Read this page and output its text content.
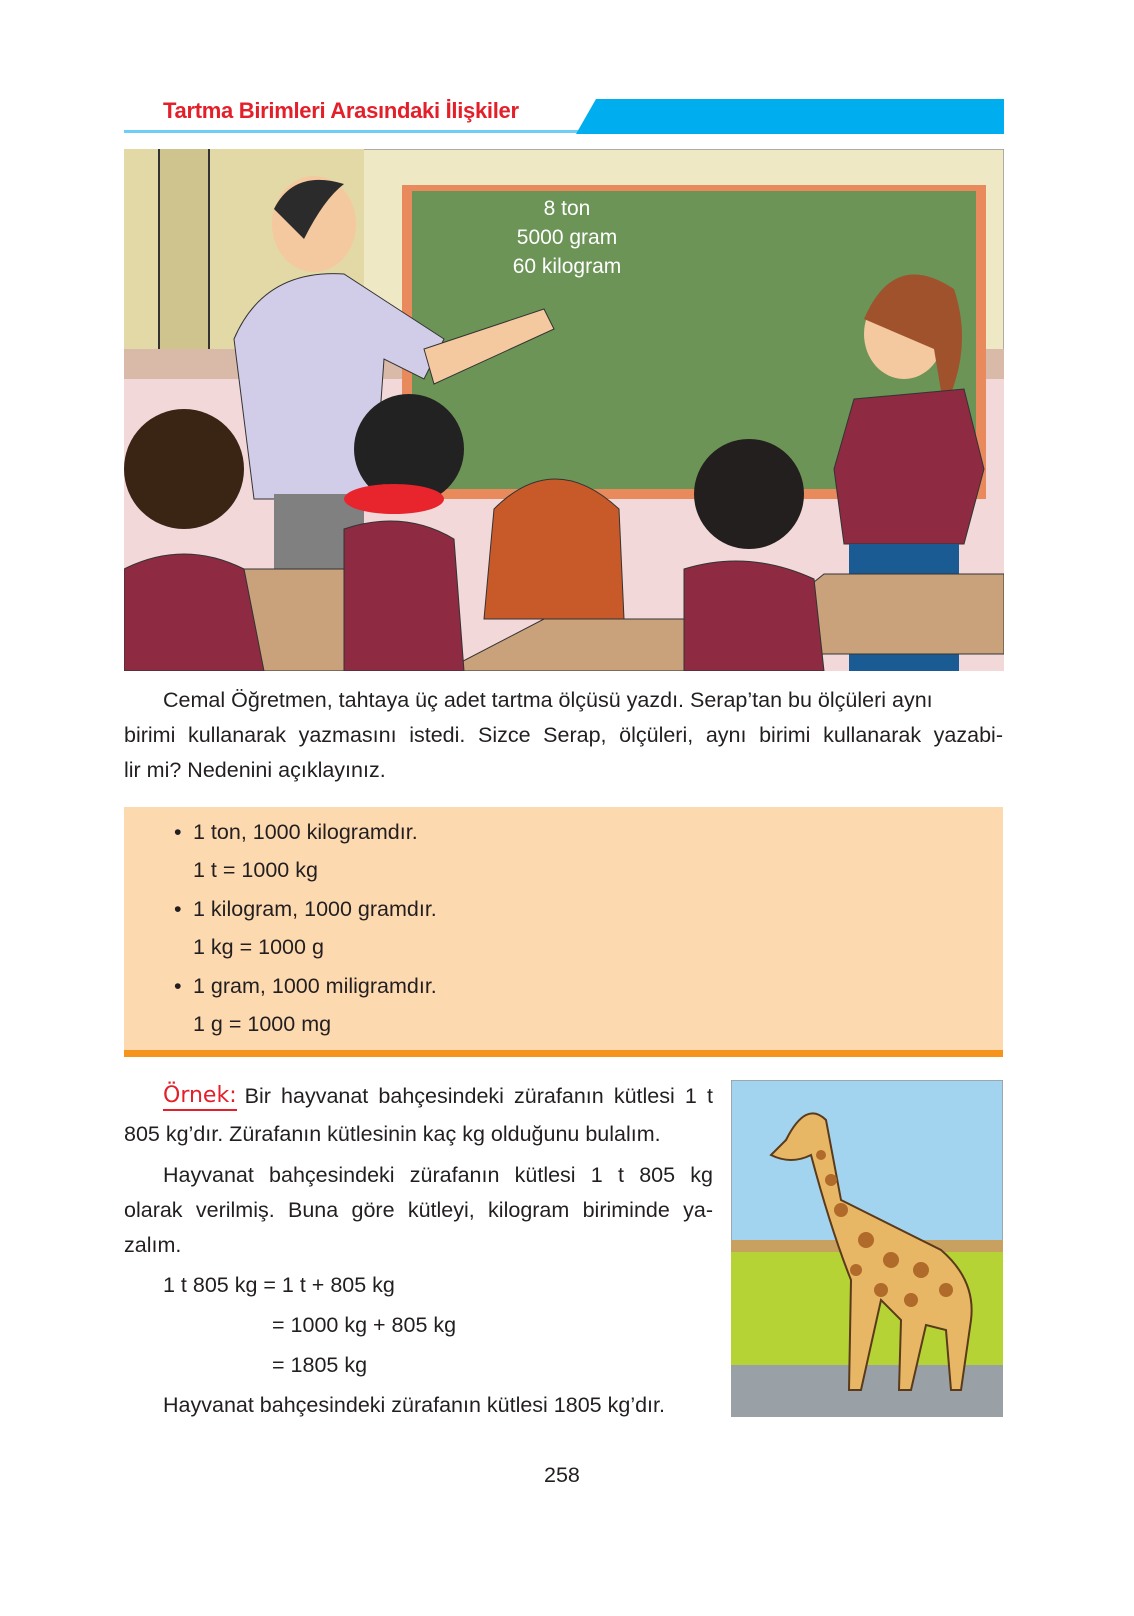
Tartma Birimleri Arasındaki İlişkiler
8 ton
5000 gram
60 kilogram
Cemal Öğretmen, tahtaya üç adet tartma ölçüsü yazdı. Serap’tan bu ölçüleri aynı
birimi kullanarak yazmasını istedi. Sizce Serap, ölçüleri, aynı birimi kullanarak yazabi-
lir mi? Nedenini açıklayınız.
• 1 ton, 1000 kilogramdır.
1 t = 1000 kg
• 1 kilogram, 1000 gramdır.
1 kg = 1000 g
• 1 gram, 1000 miligramdır.
1 g = 1000 mg
Örnek: Bir hayvanat bahçesindeki zürafanın kütlesi 1 t
805 kg’dır. Zürafanın kütlesinin kaç kg olduğunu bulalım.
Hayvanat bahçesindeki zürafanın kütlesi 1 t 805 kg
olarak verilmiş. Buna göre kütleyi, kilogram biriminde ya-
zalım.
1 t 805 kg = 1 t + 805 kg
= 1000 kg + 805 kg
= 1805 kg
Hayvanat bahçesindeki zürafanın kütlesi 1805 kg’dır.
258
